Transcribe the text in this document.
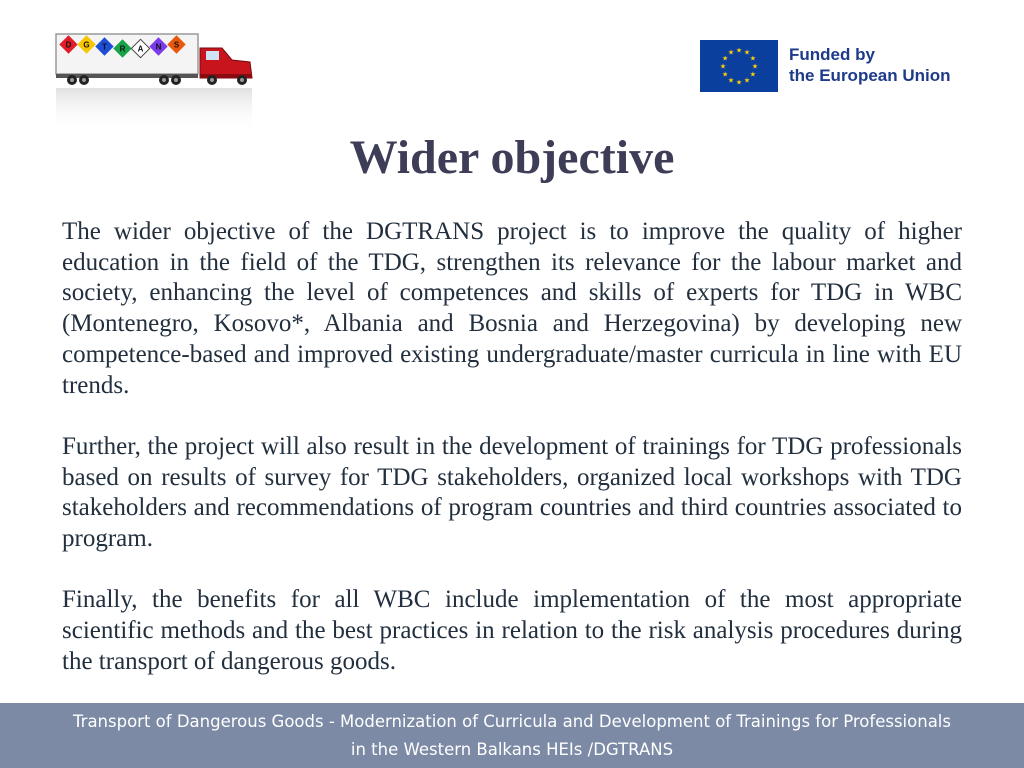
D G T R A N S
★ ★
★
★
★
★
★
★
★
★
★
★	Funded by
the European Union
Wider objective

The wider objective of the DGTRANS project is to improve the quality of higher education in the field of the TDG, strengthen its relevance for the labour market and society, enhancing the level of competences and skills of experts for TDG in WBC (Montenegro, Kosovo*, Albania and Bosnia and Herzegovina) by developing new competence-based and improved existing undergraduate/master curricula in line with EU trends.

Further, the project will also result in the development of trainings for TDG professionals based on results of survey for TDG stakeholders, organized local workshops with TDG stakeholders and recommendations of program countries and third countries associated to program.

Finally, the benefits for all WBC include implementation of the most appropriate scientific methods and the best practices in relation to the risk analysis procedures during the transport of dangerous goods.

Transport of Dangerous Goods - Modernization of Curricula and Development of Trainings for Professionals
in the Western Balkans HEIs /DGTRANS
